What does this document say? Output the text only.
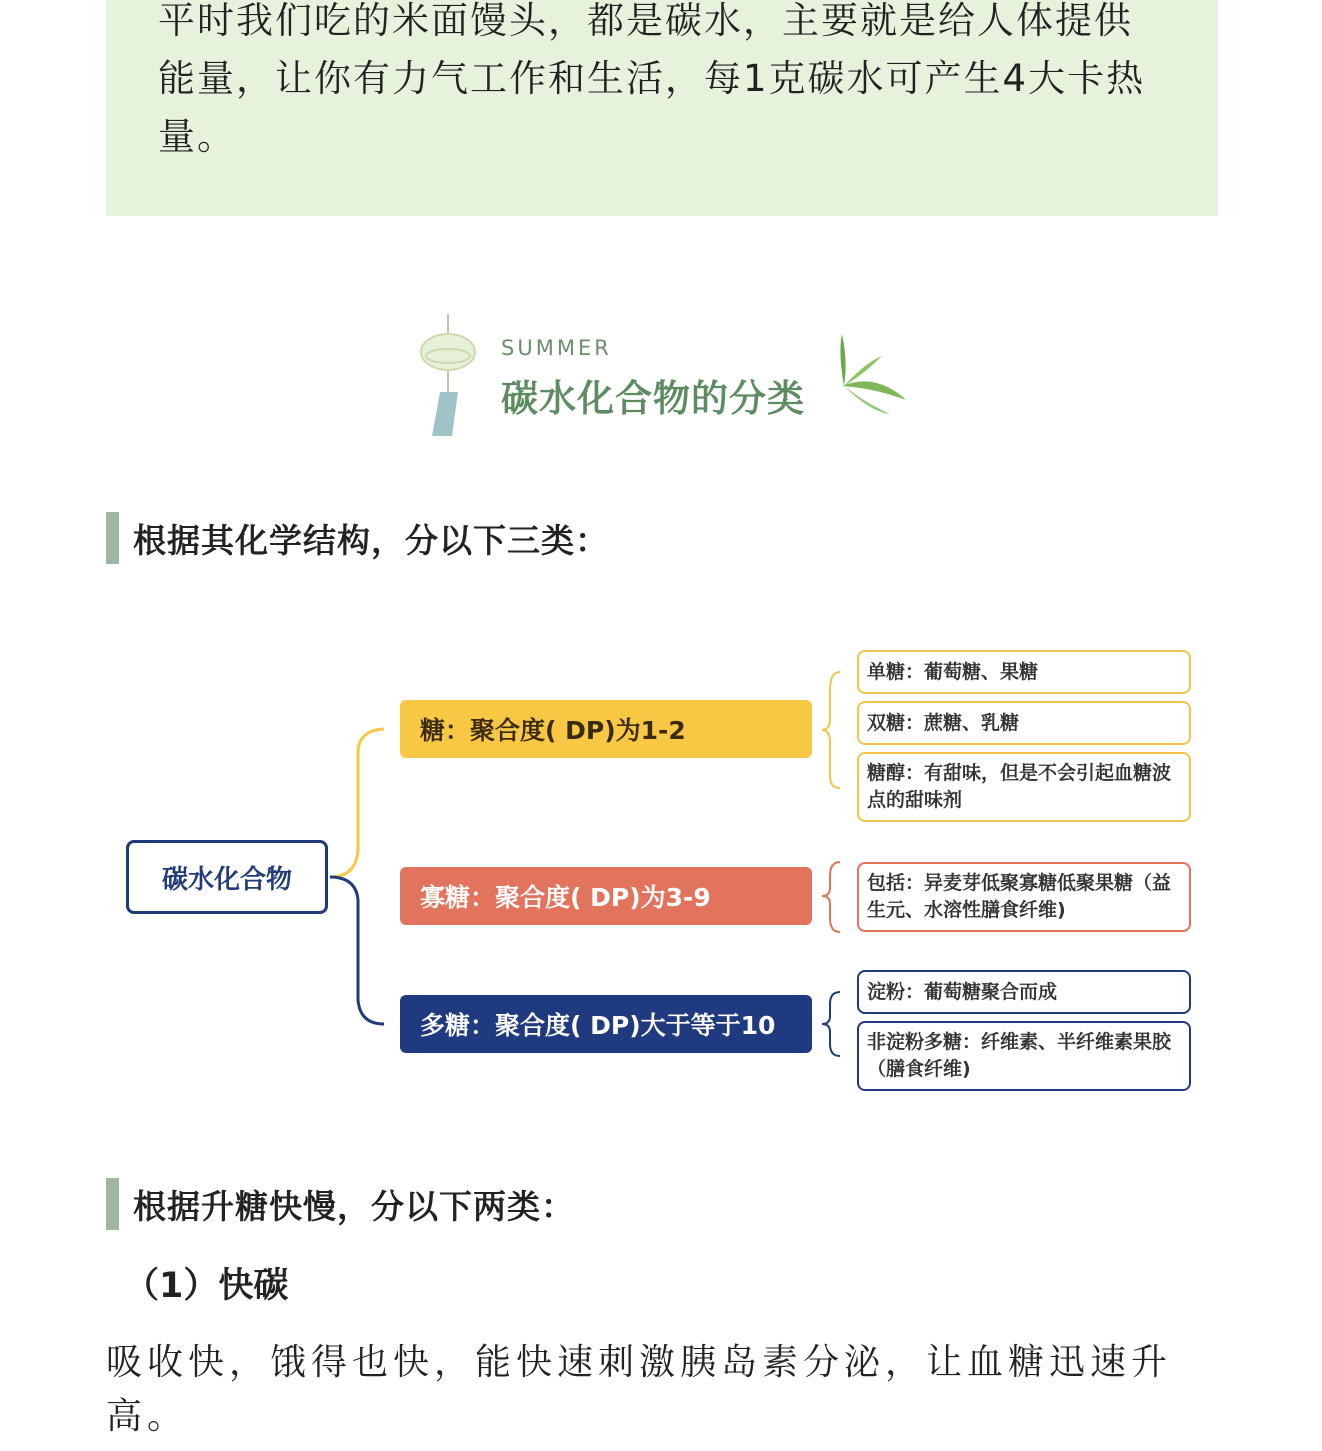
平时我们吃的米面馒头，都是碳水，主要就是给人体提供能量，让你有力气工作和生活，每1克碳水可产生4大卡热量。

SUMMER
碳水化合物的分类
根据其化学结构，分以下三类：
碳水化合物
糖：聚合度( DP)为1-2
寡糖：聚合度( DP)为3-9
多糖：聚合度( DP)大于等于10
单糖：葡萄糖、果糖
双糖：蔗糖、乳糖
糖醇：有甜味，但是不会引起血糖波点的甜味剂
包括：异麦芽低聚寡糖低聚果糖（益生元、水溶性膳食纤维)
淀粉：葡萄糖聚合而成
非淀粉多糖：纤维素、半纤维素果胶（膳食纤维)
根据升糖快慢，分以下两类：
（1）快碳

吸收快，饿得也快，能快速刺激胰岛素分泌，让血糖迅速升高。
